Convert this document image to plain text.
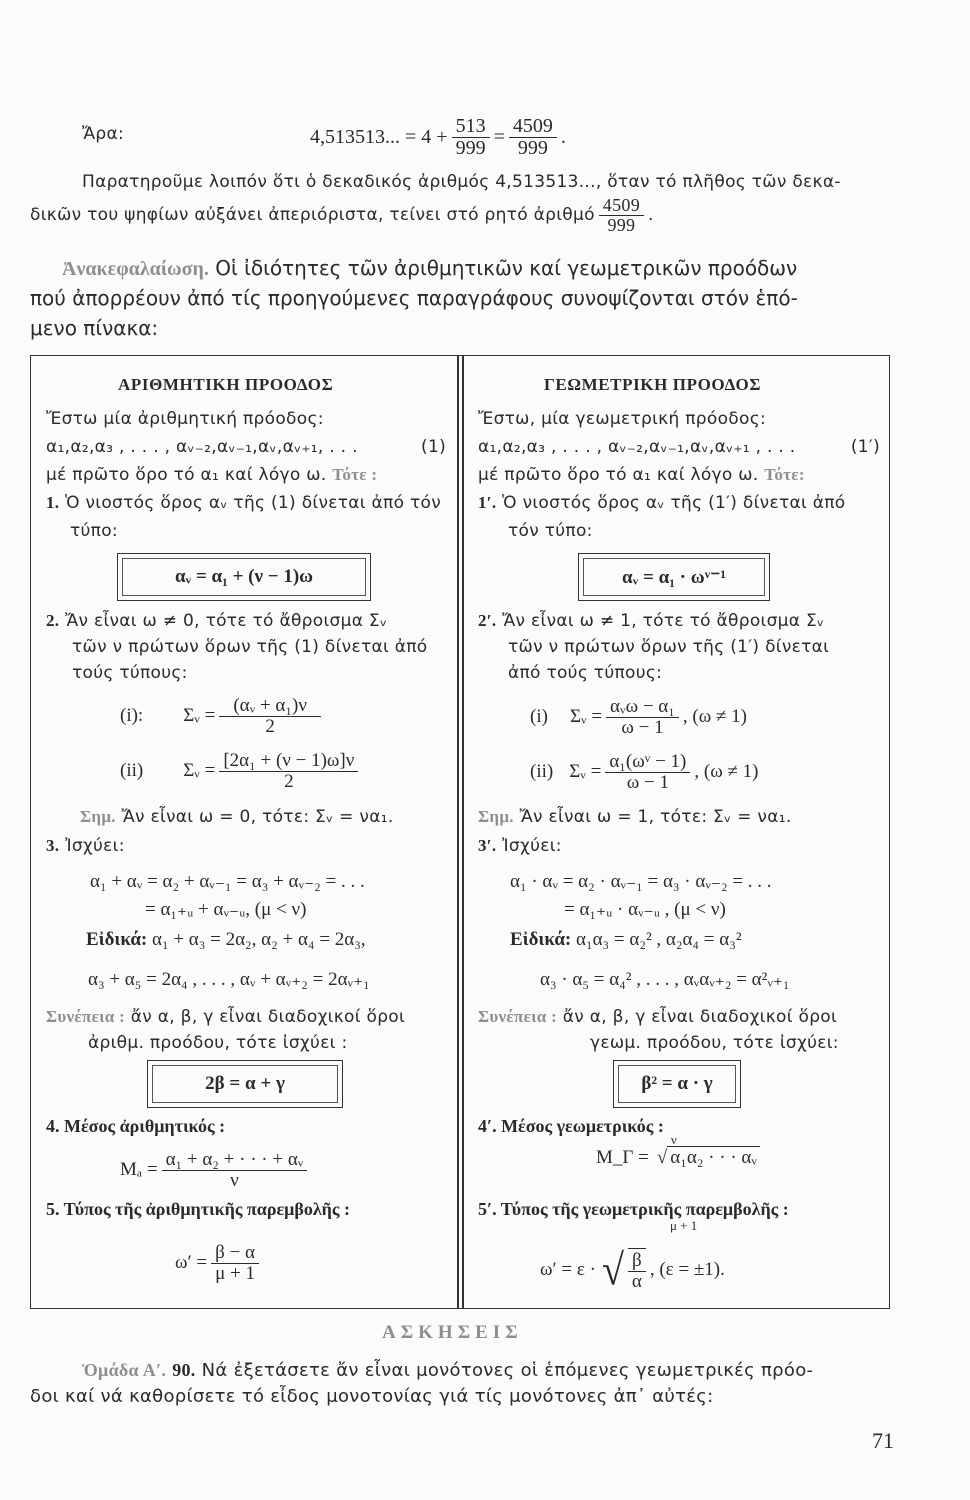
Ἄρα:	4,513513... = $4 + \frac{513}{999} = \frac{4509}{999}$ .
Παρατηροῦμε λοιπόν ὅτι ὁ δεκαδικός ἀριθμός 4,513513..., ὅταν τό πλῆθος τῶν δεκα-
δικῶν του ψηφίων αὐξάνει ἀπεριόριστα, τείνει στό ρητό ἀριθμό $\frac{4509}{999}$ .
Ἀνακεφαλαίωση. Οἱ ἰδιότητες τῶν ἀριθμητικῶν καί γεωμετρικῶν προόδων
πού ἀπορρέουν ἀπό τίς προηγούμενες παραγράφους συνοψίζονται στόν ἑπό-
μενο πίνακα:
ΑΡΙΘΜΗΤΙΚΗ ΠΡΟΟΔΟΣ
Ἔστω μία ἀριθμητική πρόοδος:
α₁,α₂,α₃ , . . . , αᵥ₋₂,αᵥ₋₁,αᵥ,αᵥ₊₁, . . .	(1)
μέ πρῶτο ὅρο τό α₁ καί λόγο ω. Τότε :
1. Ὁ νιοστός ὅρος αᵥ τῆς (1) δίνεται ἀπό τόν
τύπο:
αᵥ = α₁ + (ν − 1)ω
2. Ἄν εἶναι ω ≠ 0, τότε τό ἄθροισμα Σᵥ
τῶν ν πρώτων ὅρων τῆς (1) δίνεται ἀπό
τούς τύπους:
(i): Σᵥ = $\frac{\text{(αᵥ + α₁)ν}}{2}$
(ii) Σᵥ = $\frac{\text{[2α₁ + (ν − 1)ω]ν}}{2}$
Σημ. Ἄν εἶναι ω = 0, τότε: Σᵥ = να₁.
3. Ἰσχύει:
α₁ + αᵥ = α₂ + αᵥ₋₁ = α₃ + αᵥ₋₂ = . . .
= α₁₊ᵤ + αᵥ₋ᵤ, (μ < ν)
Εἰδικά: α₁ + α₃ = 2α₂, α₂ + α₄ = 2α₃,
α₃ + α₅ = 2α₄ , . . . , αᵥ + αᵥ₊₂ = 2αᵥ₊₁
Συνέπεια : ἄν α, β, γ εἶναι διαδοχικοί ὅροι
ἀριθμ. προόδου, τότε ἰσχύει :
2β = α + γ
4. Μέσος ἀριθμητικός :
$M_a = \frac{\text{α₁ + α₂ + · · · + αᵥ}}{\nu}$
5. Τύπος τῆς ἀριθμητικῆς παρεμβολῆς :
$\omega' = \frac{\beta - \alpha}{\mu + 1}$
ΓΕΩΜΕΤΡΙΚΗ ΠΡΟΟΔΟΣ
Ἔστω, μία γεωμετρική πρόοδος:
α₁,α₂,α₃ , . . . , αᵥ₋₂,αᵥ₋₁,αᵥ,αᵥ₊₁ , . . .	(1′)
μέ πρῶτο ὅρο τό α₁ καί λόγο ω. Τότε:
1′. Ὁ νιοστός ὅρος αᵥ τῆς (1′) δίνεται ἀπό
τόν τύπο:
αᵥ = α₁ · ωᵛ⁻¹
2′. Ἄν εἶναι ω ≠ 1, τότε τό ἄθροισμα Σᵥ
τῶν ν πρώτων ὅρων τῆς (1′) δίνεται
ἀπό τούς τύπους:
(i) Σᵥ = $\frac{\text{αᵥω − α₁}}{\omega - 1}$ , (ω ≠ 1)
(ii) Σᵥ = $\frac{\text{α₁(ωᵛ − 1)}}{\omega - 1}$ , (ω ≠ 1)
Σημ. Ἄν εἶναι ω = 1, τότε: Σᵥ = να₁.
3′. Ἰσχύει:
α₁ · αᵥ = α₂ · αᵥ₋₁ = α₃ · αᵥ₋₂ = . . .
= α₁₊ᵤ · αᵥ₋ᵤ , (μ < ν)
Εἰδικά: α₁α₃ = α₂² , α₂α₄ = α₃²
α₃ · α₅ = α₄² , . . . , αᵥαᵥ₊₂ = α²ᵥ₊₁
Συνέπεια : ἄν α, β, γ εἶναι διαδοχικοί ὅροι
γεωμ. προόδου, τότε ἰσχύει:
β² = α · γ
4′. Μέσος γεωμετρικός :
M_Γ =
ν
√ α₁α₂ · · · αᵥ
5′. Τύπος τῆς γεωμετρικῆς παρεμβολῆς :
ω′ = ε ·
μ + 1
√ $\frac{\beta}{\alpha}$ , (ε = ±1).
ΑΣΚΗΣΕΙΣ
Ὁμάδα Α′. 90. Νά ἐξετάσετε ἄν εἶναι μονότονες οἱ ἑπόμενες γεωμετρικές πρόο-
δοι καί νά καθορίσετε τό εἶδος μονοτονίας γιά τίς μονότονες ἀπ᾽ αὐτές:
71
